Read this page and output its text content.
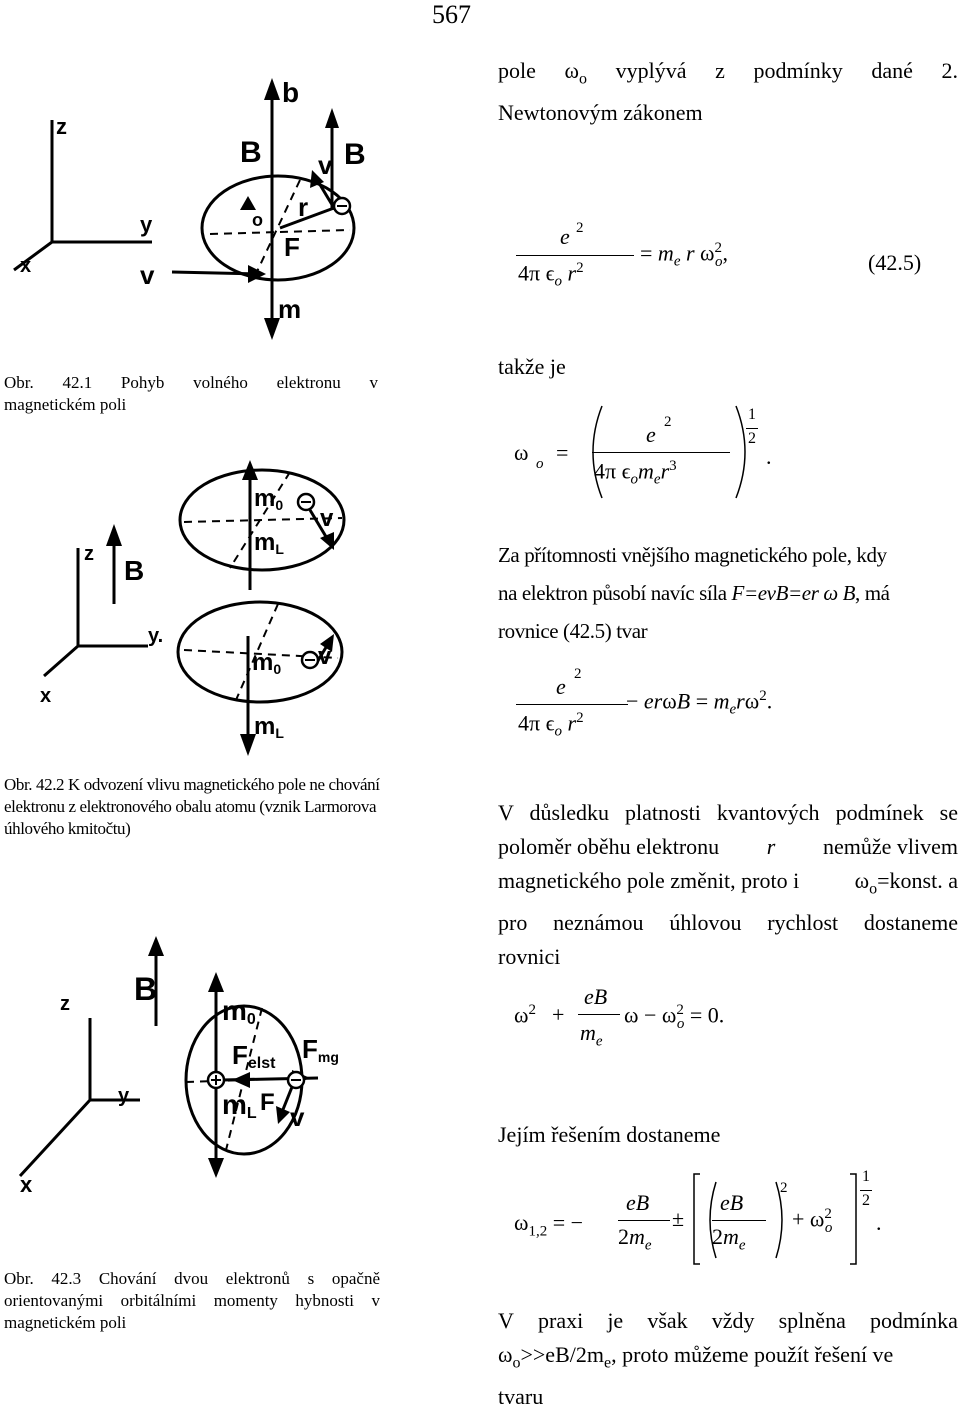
567
pole $\omega_o$ vyplývá z podmínky dané 2.
Newtonovým zákonem
e 2
4π $\epsilon_o$ $r^2$
= $m_e$ r $\omega^2_o$,	(42.5)
takže je
ω o =
e 2
4π $\epsilon_om_er^3$
1
2
.
Za přítomnosti vnějšího magnetického pole, kdy
na elektron působí navíc síla F=evB=er ω B, má
rovnice (42.5) tvar
e 2
4π $\epsilon_o$ $r^2$
− $er\omega B = m_er\omega^2$.
V důsledku platnosti kvantových podmínek se
poloměr oběhu elektronu r nemůže vlivem
magnetického pole změnit, proto i	$\omega_o=konst$. a
pro neznámou úhlovou rychlost dostaneme
rovnici
$\omega^2$ +
eB
$m_e$
$\omega - \omega^2_o = 0$.
Jejím řešením dostaneme
$\omega_{1,2}$ = −
eB
$2m_e$
±
eB
$2m_e$
2
+ $\omega^2_o$
1
2
.
V praxi je však vždy splněna podmínka
$\omega_o>>eB/2m_e$, proto můžeme použít řešení ve
tvaru
Obr. 42.1 Pohyb volného elektronu v
magnetickém poli
Obr. 42.2 K odvození vlivu magnetického pole ne chování elektronu z elektronového obalu atomu (vznik Larmorova úhlového kmitočtu)
Obr. 42.3 Chování dvou elektronů s opačně orientovanými orbitálními momenty hybnosti v magnetickém poli
z
y
x
b
B	B
v
v
m
F
r
o
z
y.
x
B
m0
mL
m0
mL
v
v
z
y
x
B
m0
Felst Fmg
mL F v
